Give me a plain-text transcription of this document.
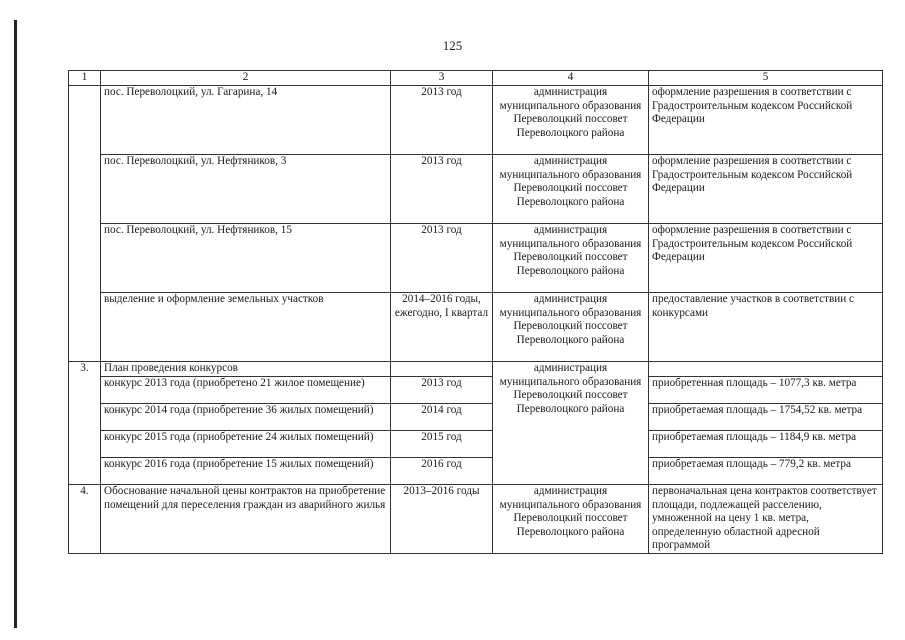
125
1	2	3	4	5
	пос. Переволоцкий, ул. Гагарина, 14	2013 год	администрация муниципального образования Переволоцкий поссовет Переволоцкого района	оформление разрешения в соответствии с Градостроительным кодексом Российской Федерации
	пос. Переволоцкий, ул. Нефтяников, 3	2013 год	администрация муниципального образования Переволоцкий поссовет Переволоцкого района	оформление разрешения в соответствии с Градостроительным кодексом Российской Федерации
	пос. Переволоцкий, ул. Нефтяников, 15	2013 год	администрация муниципального образования Переволоцкий поссовет Переволоцкого района	оформление разрешения в соответствии с Градостроительным кодексом Российской Федерации
	выделение и оформление земельных участков	2014–2016 годы, ежегодно, I квартал	администрация муниципального образования Переволоцкий поссовет Переволоцкого района	предоставление участков в соответствии с конкурсами
3.	План проведения конкурсов		администрация муниципального образования Переволоцкий поссовет Переволоцкого района	
	конкурс 2013 года (приобретено 21 жилое помещение)	2013 год		приобретенная площадь – 1077,3 кв. метра
	конкурс 2014 года (приобретение 36 жилых помещений)	2014 год		приобретаемая площадь – 1754,52 кв. метра
	конкурс 2015 года (приобретение 24 жилых помещений)	2015 год		приобретаемая площадь – 1184,9 кв. метра
	конкурс 2016 года (приобретение 15 жилых помещений)	2016 год		приобретаемая площадь – 779,2 кв. метра
4.	Обоснование начальной цены контрактов на приобретение помещений для переселения граждан из аварийного жилья	2013–2016 годы	администрация муниципального образования Переволоцкий поссовет Переволоцкого района	первоначальная цена контрактов соответствует площади, подлежащей расселению, умноженной на цену 1 кв. метра, определенную областной адресной программой
